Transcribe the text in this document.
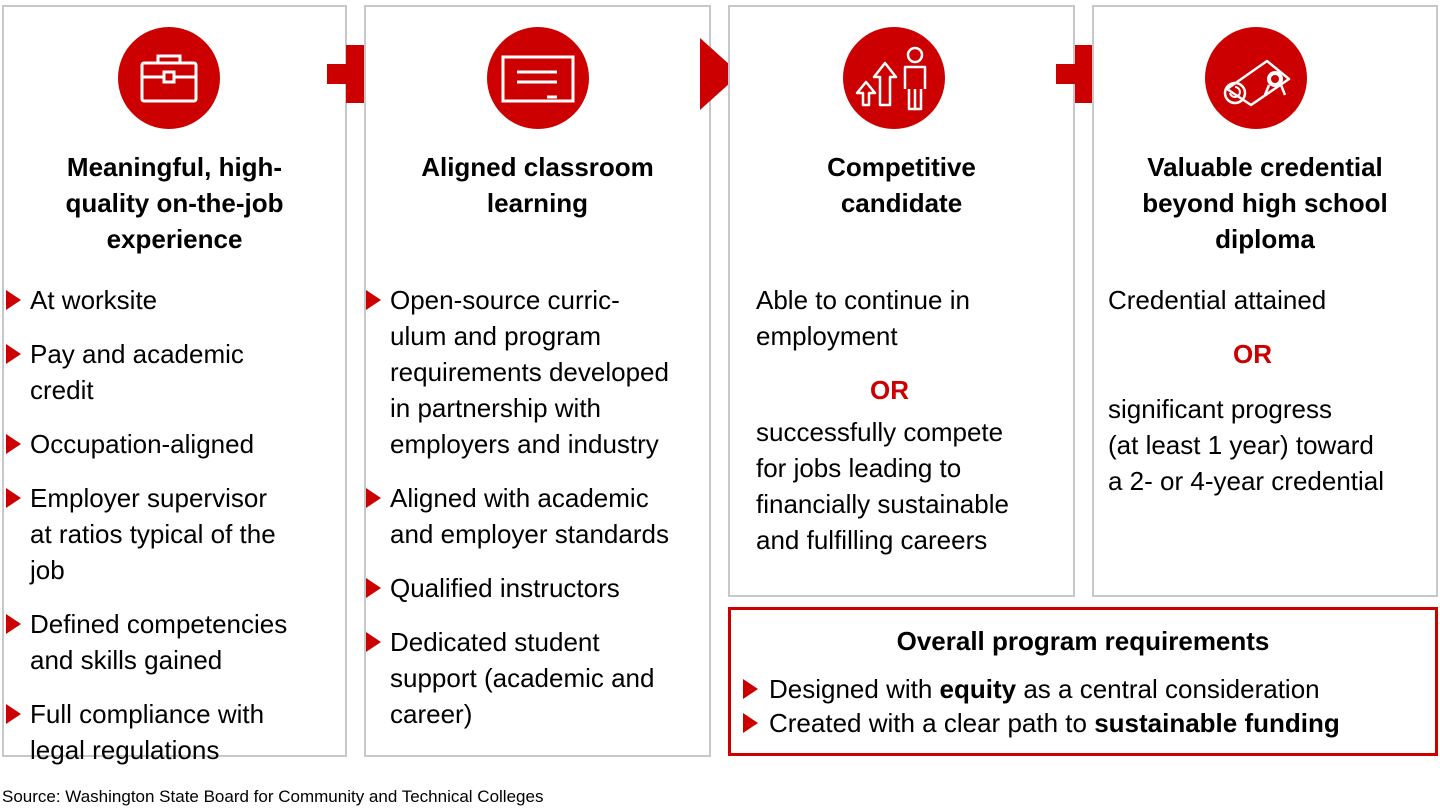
Meaningful, high-
quality on-the-job
experience
At worksite
Pay and academic
credit
Occupation-aligned
Employer supervisor
at ratios typical of the
job
Defined competencies
and skills gained
Full compliance with
legal regulations
Aligned classroom
learning
Open-source curric-
ulum and program
requirements developed
in partnership with
employers and industry
Aligned with academic
and employer standards
Qualified instructors
Dedicated student
support (academic and
career)
Competitive
candidate
Able to continue in
employment
OR
successfully compete
for jobs leading to
financially sustainable
and fulfilling careers
Valuable credential
beyond high school
diploma
Credential attained
OR
significant progress
(at least 1 year) toward
a 2- or 4-year credential
Overall program requirements
Designed with equity as a central consideration
Created with a clear path to sustainable funding
Source: Washington State Board for Community and Technical Colleges
